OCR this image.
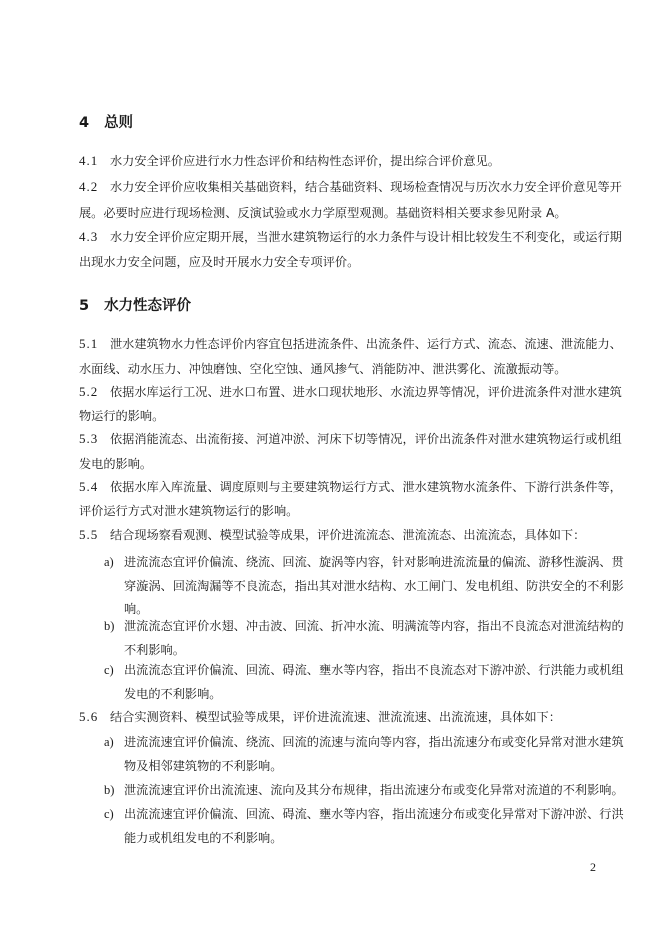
4 总则
4.1 水力安全评价应进行水力性态评价和结构性态评价，提出综合评价意见。
4.2 水力安全评价应收集相关基础资料，结合基础资料、现场检查情况与历次水力安全评价意见等开
展。必要时应进行现场检测、反演试验或水力学原型观测。基础资料相关要求参见附录 A。
4.3 水力安全评价应定期开展，当泄水建筑物运行的水力条件与设计相比较发生不利变化，或运行期
出现水力安全问题，应及时开展水力安全专项评价。
5 水力性态评价
5.1 泄水建筑物水力性态评价内容宜包括进流条件、出流条件、运行方式、流态、流速、泄流能力、
水面线、动水压力、冲蚀磨蚀、空化空蚀、通风掺气、消能防冲、泄洪雾化、流激振动等。
5.2 依据水库运行工况、进水口布置、进水口现状地形、水流边界等情况，评价进流条件对泄水建筑
物运行的影响。
5.3 依据消能流态、出流衔接、河道冲淤、河床下切等情况，评价出流条件对泄水建筑物运行或机组
发电的影响。
5.4 依据水库入库流量、调度原则与主要建筑物运行方式、泄水建筑物水流条件、下游行洪条件等，
评价运行方式对泄水建筑物运行的影响。
5.5 结合现场察看观测、模型试验等成果，评价进流流态、泄流流态、出流流态，具体如下：
a) 进流流态宜评价偏流、绕流、回流、旋涡等内容，针对影响进流流量的偏流、游移性漩涡、贯
穿漩涡、回流淘漏等不良流态，指出其对泄水结构、水工闸门、发电机组、防洪安全的不利影
响。
b) 泄流流态宜评价水翅、冲击波、回流、折冲水流、明满流等内容，指出不良流态对泄流结构的
不利影响。
c) 出流流态宜评价偏流、回流、碍流、壅水等内容，指出不良流态对下游冲淤、行洪能力或机组
发电的不利影响。
5.6 结合实测资料、模型试验等成果，评价进流流速、泄流流速、出流流速，具体如下：
a) 进流流速宜评价偏流、绕流、回流的流速与流向等内容，指出流速分布或变化异常对泄水建筑
物及相邻建筑物的不利影响。
b) 泄流流速宜评价出流流速、流向及其分布规律，指出流速分布或变化异常对流道的不利影响。
c) 出流流速宜评价偏流、回流、碍流、壅水等内容，指出流速分布或变化异常对下游冲淤、行洪
能力或机组发电的不利影响。
2
